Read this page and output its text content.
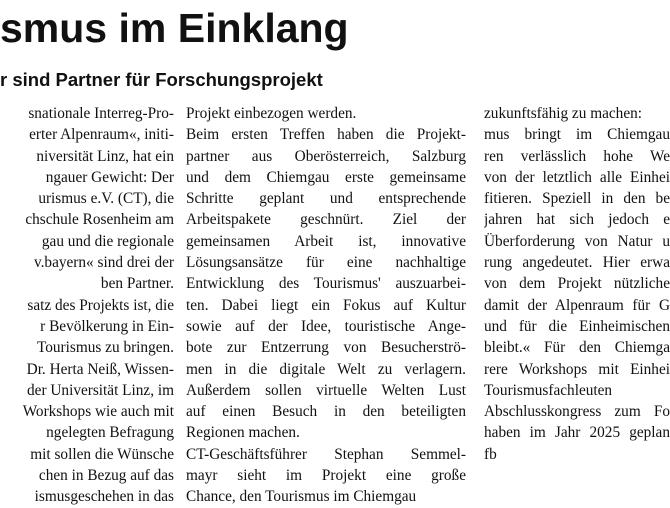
smus im Einklang
r sind Partner für Forschungsprojekt
snationale Interreg-Pro-
erter Alpenraum«, initi-
niversität Linz, hat ein
ngauer Gewicht: Der
urismus e.V. (CT), die
chschule Rosenheim am
gau und die regionale
v.bayern« sind drei der
ben Partner.
satz des Projekts ist, die
r Bevölkerung in Ein-
Tourismus zu bringen.
Dr. Herta Neiß, Wissen-
der Universität Linz, im
Workshops wie auch mit
ngelegten Befragung
mit sollen die Wünsche
chen in Bezug auf das
ismusgeschehen in das
Projekt einbezogen werden.
Beim ersten Treffen haben die Projekt-
partner aus Oberösterreich, Salzburg
und dem Chiemgau erste gemeinsame
Schritte geplant und entsprechende
Arbeitspakete geschnürt. Ziel der
gemeinsamen Arbeit ist, innovative
Lösungsansätze für eine nachhaltige
Entwicklung des Tourismus' auszuarbei-
ten. Dabei liegt ein Fokus auf Kultur
sowie auf der Idee, touristische Ange-
bote zur Entzerrung von Besucherströ-
men in die digitale Welt zu verlagern.
Außerdem sollen virtuelle Welten Lust
auf einen Besuch in den beteiligten
Regionen machen.
CT-Geschäftsführer Stephan Semmel-
mayr sieht im Projekt eine große
Chance, den Tourismus im Chiemgau
zukunftsfähig zu machen:
mus bringt im Chiemgau
ren verlässlich hohe We
von der letztlich alle Einhei
fitieren. Speziell in den be
jahren hat sich jedoch e
Überforderung von Natur u
rung angedeutet. Hier erwa
von dem Projekt nützliche
damit der Alpenraum für G
und für die Einheimischen
bleibt.« Für den Chiemga
rere Workshops mit Einhei
Tourismusfachleuten
Abschlusskongress zum Fo
haben im Jahr 2025 geplan
fb
